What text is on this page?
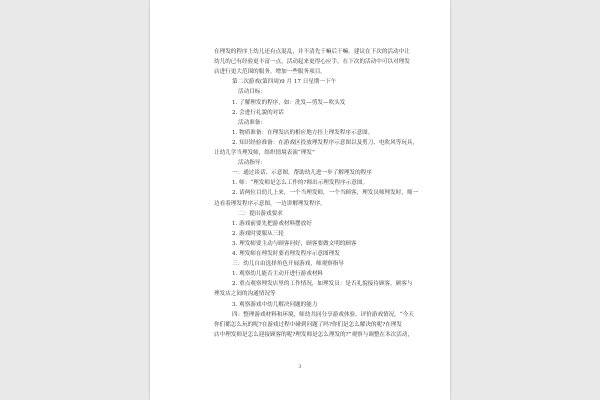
在理发的程序上幼儿还有点混乱，并不清先干嘛后干嘛。建议在下次的活动中让
幼儿的已有经验更丰富一点，活动起来更得心应手。在下次的活动中可以对理发
店进行更大范围的服务，增加一些服务项目。
第二次游戏(第四周)9 月 17 日星期一下午
活动目标：
1. 了解理发的程序，如：洗发—剪发—吹头发
2. 会进行礼貌的对话
活动准备：
1. 物质准备：在理发店的相应地方挂上理发程序示意图。
2. 知识经验准备：在游戏区投放理发程序示意图以及剪刀、电吹风等玩具，
让幼儿学当理发师，组织情境表演“理发”
活动指导：
一：通过谈话、示意图，帮助幼儿进一步了解理发的程序
1. 师：“理发师是怎么工作的?师出示理发程序示意图。
2. 请两位目幼儿上来，一个当理发师，一个当顾客，理发员师理发时，师一
边看着理发程序示意图，一边讲解理发程序。
二：提出游戏要求
1. 游戏前要先把游戏材料摆放好
2. 游戏时要服从三轮
3. 理发师要主动与顾客问好，顾客要做文明的顾客
4. 理发师在理发时要看理发程序示意图理发
三：幼儿自由选择角色开展游戏，师观察指导
1. 观察幼儿能否主动开进行游戏材料
2. 重点观察理发店里的工作情况，如理发员：是否礼貌接待顾客，顾客与
理发店之间的沟通情况等
3. 观察游戏中幼儿解决问题的能力
四：整理游戏材料和环境，师幼共同分享游戏体验、评价游戏情况。“今天
你们都怎么玩的呢?在游戏过程中碰到问题了吗?你们是怎么解决的呢?在理发
店中理发师是怎么迎接顾客的呢?理发师是怎么理发的?”观察与调整在本次活动，
3
